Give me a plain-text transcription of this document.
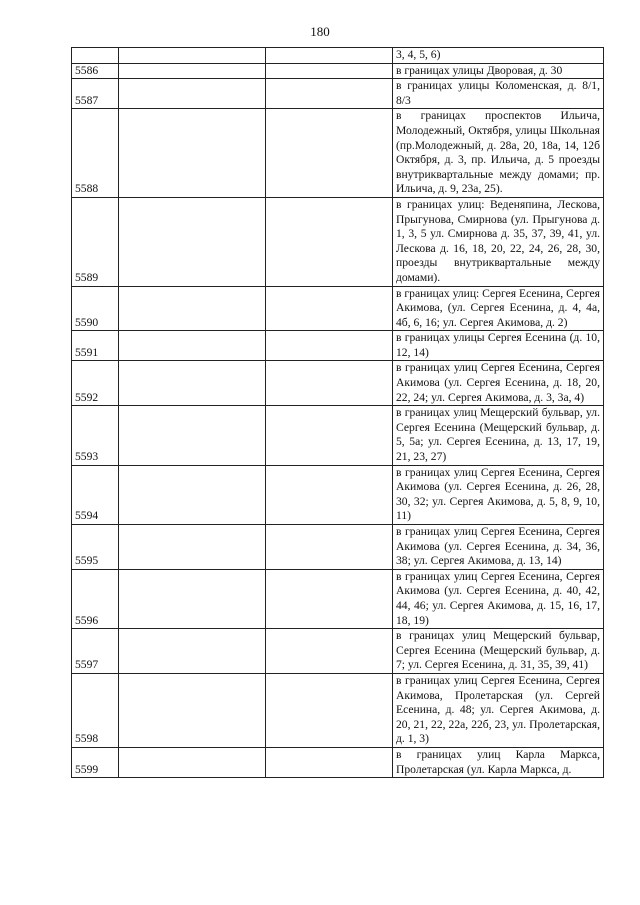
180
			3, 4, 5, 6)
5586			в границах улицы Дворовая, д. 30
5587			в границах улицы Коломенская, д. 8/1, 8/3
5588			в границах проспектов Ильича, Молодежный, Октября, улицы Школьная (пр.Молодежный, д. 28а, 20, 18а, 14, 12б Октября, д. 3, пр. Ильича, д. 5 проезды внутриквартальные между домами; пр. Ильича, д. 9, 23а, 25).
5589			в границах улиц: Веденяпина, Лескова, Прыгунова, Смирнова (ул. Прыгунова д. 1, 3, 5 ул. Смирнова д. 35, 37, 39, 41, ул. Лескова д. 16, 18, 20, 22, 24, 26, 28, 30, проезды внутриквартальные между домами).
5590			в границах улиц: Сергея Есенина, Сергея Акимова, (ул. Сергея Есенина, д. 4, 4а, 4б, 6, 16; ул. Сергея Акимова, д. 2)
5591			в границах улицы Сергея Есенина (д. 10, 12, 14)
5592			в границах улиц Сергея Есенина, Сергея Акимова (ул. Сергея Есенина, д. 18, 20, 22, 24; ул. Сергея Акимова, д. 3, 3а, 4)
5593			в границах улиц Мещерский бульвар, ул. Сергея Есенина (Мещерский бульвар, д. 5, 5а; ул. Сергея Есенина, д. 13, 17, 19, 21, 23, 27)
5594			в границах улиц Сергея Есенина, Сергея Акимова (ул. Сергея Есенина, д. 26, 28, 30, 32; ул. Сергея Акимова, д. 5, 8, 9, 10, 11)
5595			в границах улиц Сергея Есенина, Сергея Акимова (ул. Сергея Есенина, д. 34, 36, 38; ул. Сергея Акимова, д. 13, 14)
5596			в границах улиц Сергея Есенина, Сергея Акимова (ул. Сергея Есенина, д. 40, 42, 44, 46; ул. Сергея Акимова, д. 15, 16, 17, 18, 19)
5597			в границах улиц Мещерский бульвар, Сергея Есенина (Мещерский бульвар, д. 7; ул. Сергея Есенина, д. 31, 35, 39, 41)
5598			в границах улиц Сергея Есенина, Сергея Акимова, Пролетарская (ул. Сергей Есенина, д. 48; ул. Сергея Акимова, д. 20, 21, 22, 22а, 22б, 23, ул. Пролетарская, д. 1, 3)
5599			в границах улиц Карла Маркса, Пролетарская (ул. Карла Маркса, д.
